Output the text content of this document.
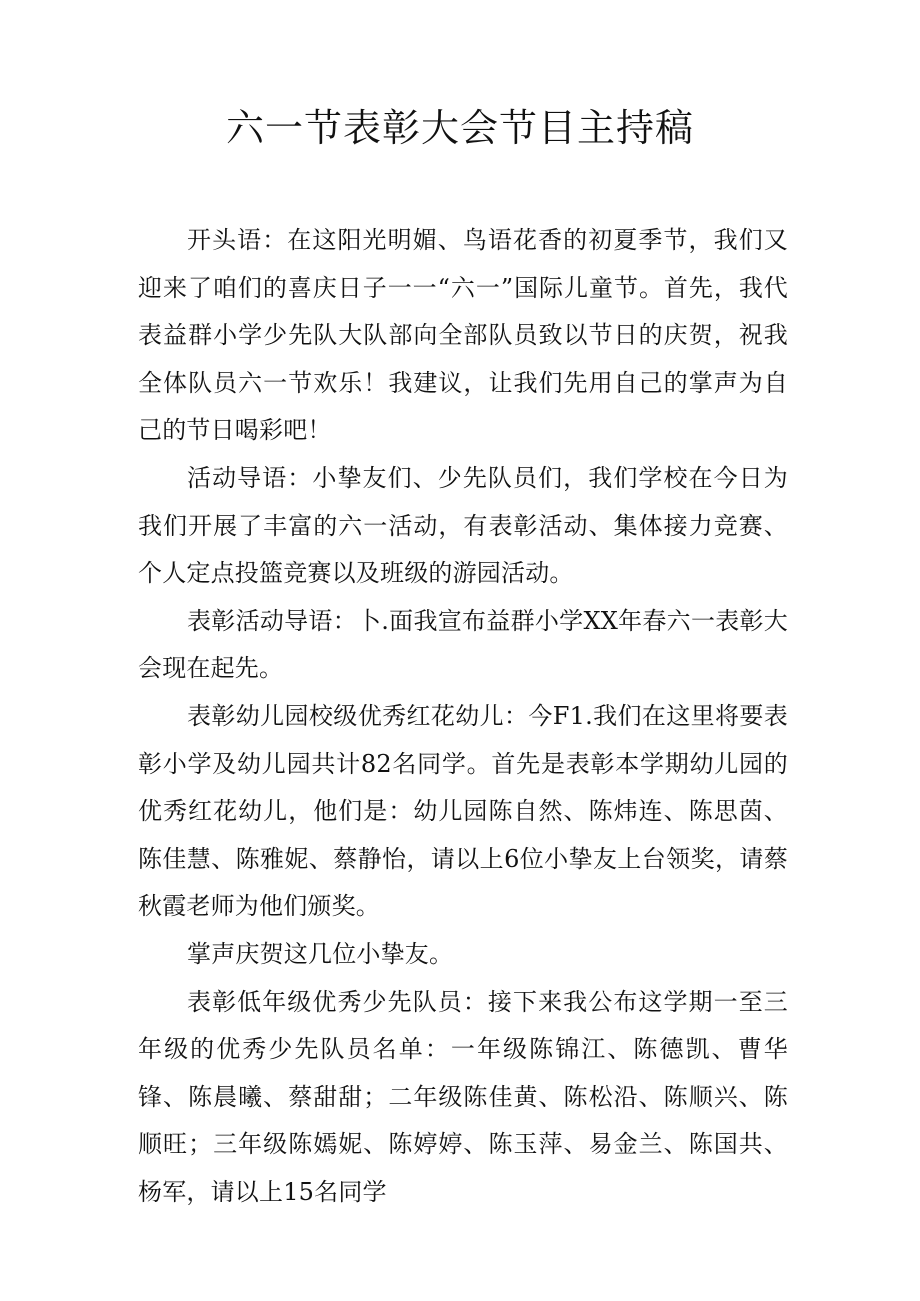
六一节表彰大会节目主持稿

开头语：在这阳光明媚、鸟语花香的初夏季节，我们又迎来了咱们的喜庆日子一一“六一”国际儿童节。首先，我代表益群小学少先队大队部向全部队员致以节日的庆贺，祝我全体队员六一节欢乐！我建议，让我们先用自己的掌声为自己的节日喝彩吧！

活动导语：小挚友们、少先队员们，我们学校在今日为我们开展了丰富的六一活动，有表彰活动、集体接力竞赛、个人定点投篮竞赛以及班级的游园活动。

表彰活动导语：卜.面我宣布益群小学XX年春六一表彰大会现在起先。

表彰幼儿园校级优秀红花幼儿：今F1.我们在这里将要表彰小学及幼儿园共计82名同学。首先是表彰本学期幼儿园的优秀红花幼儿，他们是：幼儿园陈自然、陈炜连、陈思茵、陈佳慧、陈雅妮、蔡静怡，请以上6位小挚友上台领奖，请蔡秋霞老师为他们颁奖。

掌声庆贺这几位小挚友。

表彰低年级优秀少先队员：接下来我公布这学期一至三年级的优秀少先队员名单：一年级陈锦江、陈德凯、曹华锋、陈晨曦、蔡甜甜；二年级陈佳黄、陈松沿、陈顺兴、陈顺旺；三年级陈嫣妮、陈婷婷、陈玉萍、易金兰、陈国共、杨军，请以上15名同学
